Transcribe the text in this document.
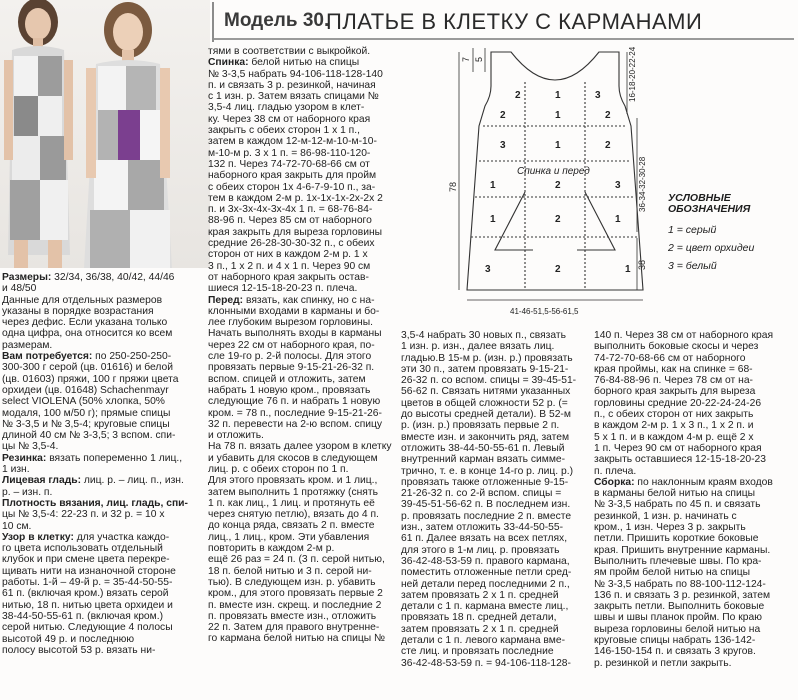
Модель 30.
ПЛАТЬЕ В КЛЕТКУ С КАРМАНАМИ
Размеры: 32/34, 36/38, 40/42, 44/46
и 48/50
Данные для отдельных размеров
указаны в порядке возрастания
через дефис. Если указана только
одна цифра, она относится ко всем
размерам.
Вам потребуется: по 250-250-250-
300-300 г серой (цв. 01616) и белой
(цв. 01603) пряжи, 100 г пряжи цвета
орхидеи (цв. 01648) Schachenmayr
select VIOLENA (50% хлопка, 50%
модаля, 100 м/50 г); прямые спицы
№ 3-3,5 и № 3,5-4; круговые спицы
длиной 40 см № 3-3,5; 3 вспом. спи-
цы № 3,5-4.
Резинка: вязать попеременно 1 лиц.,
1 изн.
Лицевая гладь: лиц. р. – лиц. п., изн.
р. – изн. п.
Плотность вязания, лиц. гладь, спи-
цы № 3,5-4: 22-23 п. и 32 р. = 10 х
10 см.
Узор в клетку: для участка каждо-
го цвета использовать отдельный
клубок и при смене цвета перекре-
щивать нити на изнаночной стороне
работы. 1-й – 49-й р. = 35-44-50-55-
61 п. (включая кром.) вязать серой
нитью, 18 п. нитью цвета орхидеи и
38-44-50-55-61 п. (включая кром.)
серой нитью. Следующие 4 полосы
высотой 49 р. и последнюю
полосу высотой 53 р. вязать ни-
тями в соответствии с выкройкой.
Спинка: белой нитью на спицы
№ 3-3,5 набрать 94-106-118-128-140
п. и связать 3 р. резинкой, начиная
с 1 изн. р. Затем вязать спицами №
3,5-4 лиц. гладью узором в клет-
ку. Через 38 см от наборного края
закрыть с обеих сторон 1 х 1 п.,
затем в каждом 12-м-12-м-10-м-10-
м-10-м р. 3 х 1 п. = 86-98-110-120-
132 п. Через 74-72-70-68-66 см от
наборного края закрыть для пройм
с обеих сторон 1х 4-6-7-9-10 п., за-
тем в каждом 2-м р. 1х-1х-1х-2х-2х 2
п. и 3х-3х-4х-3х-4х 1 п. = 68-76-84-
88-96 п. Через 85 см от наборного
края закрыть для выреза горловины
средние 26-28-30-30-32 п., с обеих
сторон от них в каждом 2-м р. 1 х
3 п., 1 х 2 п. и 4 х 1 п. Через 90 см
от наборного края закрыть остав-
шиеся 12-15-18-20-23 п. плеча.
Перед: вязать, как спинку, но с на-
клонными входами в карманы и бо-
лее глубоким вырезом горловины.
Начать выполнять входы в карманы
через 22 см от наборного края, по-
сле 19-го р. 2-й полосы. Для этого
провязать первые 9-15-21-26-32 п.
вспом. спицей и отложить, затем
набрать 1 новую кром., провязать
следующие 76 п. и набрать 1 новую
кром. = 78 п., последние 9-15-21-26-
32 п. перевести на 2-ю вспом. спицу
и отложить.
На 78 п. вязать далее узором в клетку
и убавить для скосов в следующем
лиц. р. с обеих сторон по 1 п.
Для этого провязать кром. и 1 лиц.,
затем выполнить 1 протяжку (снять
1 п. как лиц., 1 лиц. и протянуть её
через снятую петлю), вязать до 4 п.
до конца ряда, связать 2 п. вместе
лиц., 1 лиц., кром. Эти убавления
повторить в каждом 2-м р.
ещё 26 раз = 24 п. (3 п. серой нитью,
18 п. белой нитью и 3 п. серой ни-
тью). В следующем изн. р. убавить
кром., для этого провязать первые 2
п. вместе изн. скрещ. и последние 2
п. провязать вместе изн., отложить
22 п. Затем для правого внутренне-
го кармана белой нитью на спицы №
3,5-4 набрать 30 новых п., связать
1 изн. р. изн., далее вязать лиц.
гладью.В 15-м р. (изн. р.) провязать
эти 30 п., затем провязать 9-15-21-
26-32 п. со вспом. спицы = 39-45-51-
56-62 п. Связать нитями указанных
цветов в общей сложности 52 р. (=
до высоты средней детали). В 52-м
р. (изн. р.) провязать первые 2 п.
вместе изн. и закончить ряд, затем
отложить 38-44-50-55-61 п. Левый
внутренний карман вязать симме-
трично, т. е. в конце 14-го р. лиц. р.)
провязать также отложенные 9-15-
21-26-32 п. со 2-й вспом. спицы =
39-45-51-56-62 п. В последнем изн.
р. провязать последние 2 п. вместе
изн., затем отложить 33-44-50-55-
61 п. Далее вязать на всех петлях,
для этого в 1-м лиц. р. провязать
36-42-48-53-59 п. правого кармана,
поместить отложенные петли сред-
ней детали перед последними 2 п.,
затем провязать 2 х 1 п. средней
детали с 1 п. кармана вместе лиц.,
провязать 18 п. средней детали,
затем провязать 2 х 1 п. средней
детали с 1 п. левого кармана вме-
сте лиц. и провязать последние
36-42-48-53-59 п. = 94-106-118-128-
140 п. Через 38 см от наборного края
выполнить боковые скосы и через
74-72-70-68-66 см от наборного
края проймы, как на спинке = 68-
76-84-88-96 п. Через 78 см от на-
борного края закрыть для выреза
горловины средние 20-22-24-24-26
п., с обеих сторон от них закрыть
в каждом 2-м р. 1 х 3 п., 1 х 2 п. и
5 х 1 п. и в каждом 4-м р. ещё 2 х
1 п. Через 90 см от наборного края
закрыть оставшиеся 12-15-18-20-23
п. плеча.
Сборка: по наклонным краям входов
в карманы белой нитью на спицы
№ 3-3,5 набрать по 45 п. и связать
резинкой, 1 изн. р. начинать с
кром., 1 изн. Через 3 р. закрыть
петли. Пришить короткие боковые
края. Пришить внутренние карманы.
Выполнить плечевые швы. По кра-
ям пройм белой нитью на спицы
№ 3-3,5 набрать по 88-100-112-124-
136 п. и связать 3 р. резинкой, затем
закрыть петли. Выполнить боковые
швы и швы планок пройм. По краю
выреза горловины белой нитью на
круговые спицы набрать 136-142-
146-150-154 п. и связать 3 кругов.
р. резинкой и петли закрыть.
7 5	16-18-20-22-24
36-34-32-30-28
78
38
41-46-51,5-56-61,5
Спинка и перед
2	1	3
2	1	2
3	1	2
1	2	3
1	2	1
3	2	1
УСЛОВНЫЕ
ОБОЗНАЧЕНИЯ
1 = серый
2 = цвет орхидеи
3 = белый
